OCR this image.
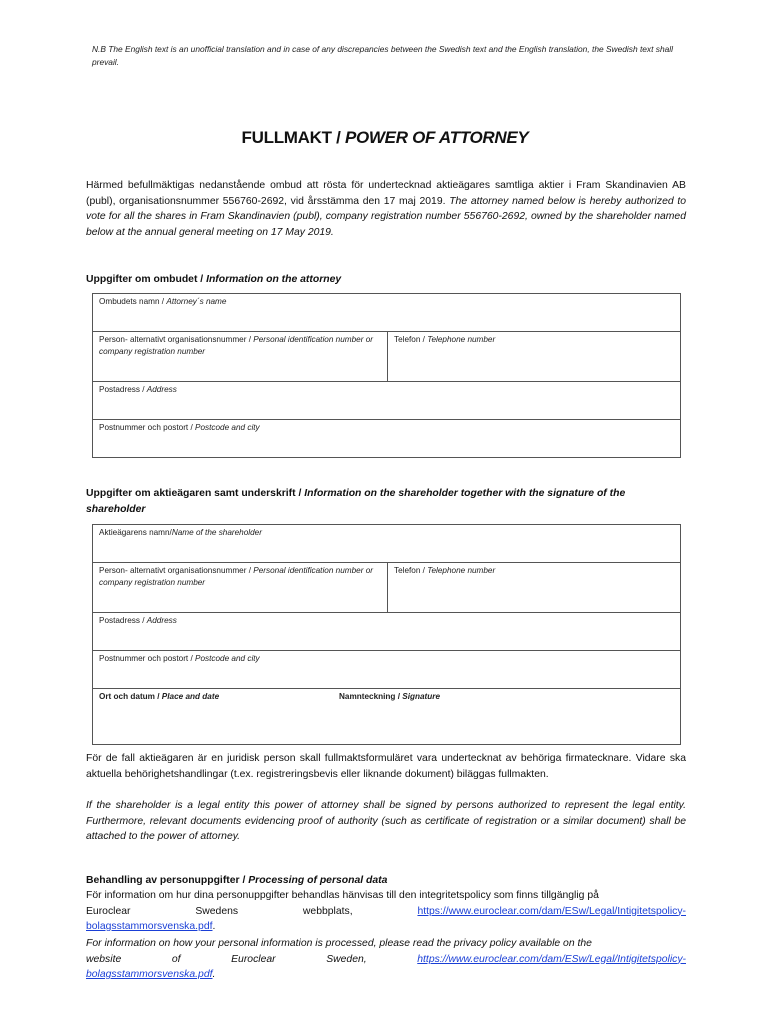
N.B The English text is an unofficial translation and in case of any discrepancies between the Swedish text and the English translation, the Swedish text shall prevail.
FULLMAKT / POWER OF ATTORNEY
Härmed befullmäktigas nedanstående ombud att rösta för undertecknad aktieägares samtliga aktier i Fram Skandinavien AB (publ), organisationsnummer 556760-2692, vid årsstämma den 17 maj 2019. The attorney named below is hereby authorized to vote for all the shares in Fram Skandinavien (publ), company registration number 556760-2692, owned by the shareholder named below at the annual general meeting on 17 May 2019.
Uppgifter om ombudet / Information on the attorney
Ombudets namn / Attorney´s name
Person- alternativt organisationsnummer / Personal identification number or company registration number	Telefon / Telephone number
Postadress / Address
Postnummer och postort / Postcode and city
Uppgifter om aktieägaren samt underskrift / Information on the shareholder together with the signature of the shareholder
Aktieägarens namn/Name of the shareholder
Person- alternativt organisationsnummer / Personal identification number or company registration number	Telefon / Telephone number
Postadress / Address
Postnummer och postort / Postcode and city

Ort och datum / Place and date	Namnteckning / Signature
För de fall aktieägaren är en juridisk person skall fullmaktsformuläret vara undertecknat av behöriga firmatecknare. Vidare ska aktuella behörighetshandlingar (t.ex. registreringsbevis eller liknande dokument) biläggas fullmakten.
If the shareholder is a legal entity this power of attorney shall be signed by persons authorized to represent the legal entity. Furthermore, relevant documents evidencing proof of authority (such as certificate of registration or a similar document) shall be attached to the power of attorney.
Behandling av personuppgifter / Processing of personal data
För information om hur dina personuppgifter behandlas hänvisas till den integritetspolicy som finns tillgänglig på
Euroclear	Swedens	webbplats,	https://www.euroclear.com/dam/ESw/Legal/Intigitetspolicy-
bolagsstammorsvenska.pdf.
For information on how your personal information is processed, please read the privacy policy available on the
website	of	Euroclear	Sweden,	https://www.euroclear.com/dam/ESw/Legal/Intigitetspolicy-
bolagsstammorsvenska.pdf.
